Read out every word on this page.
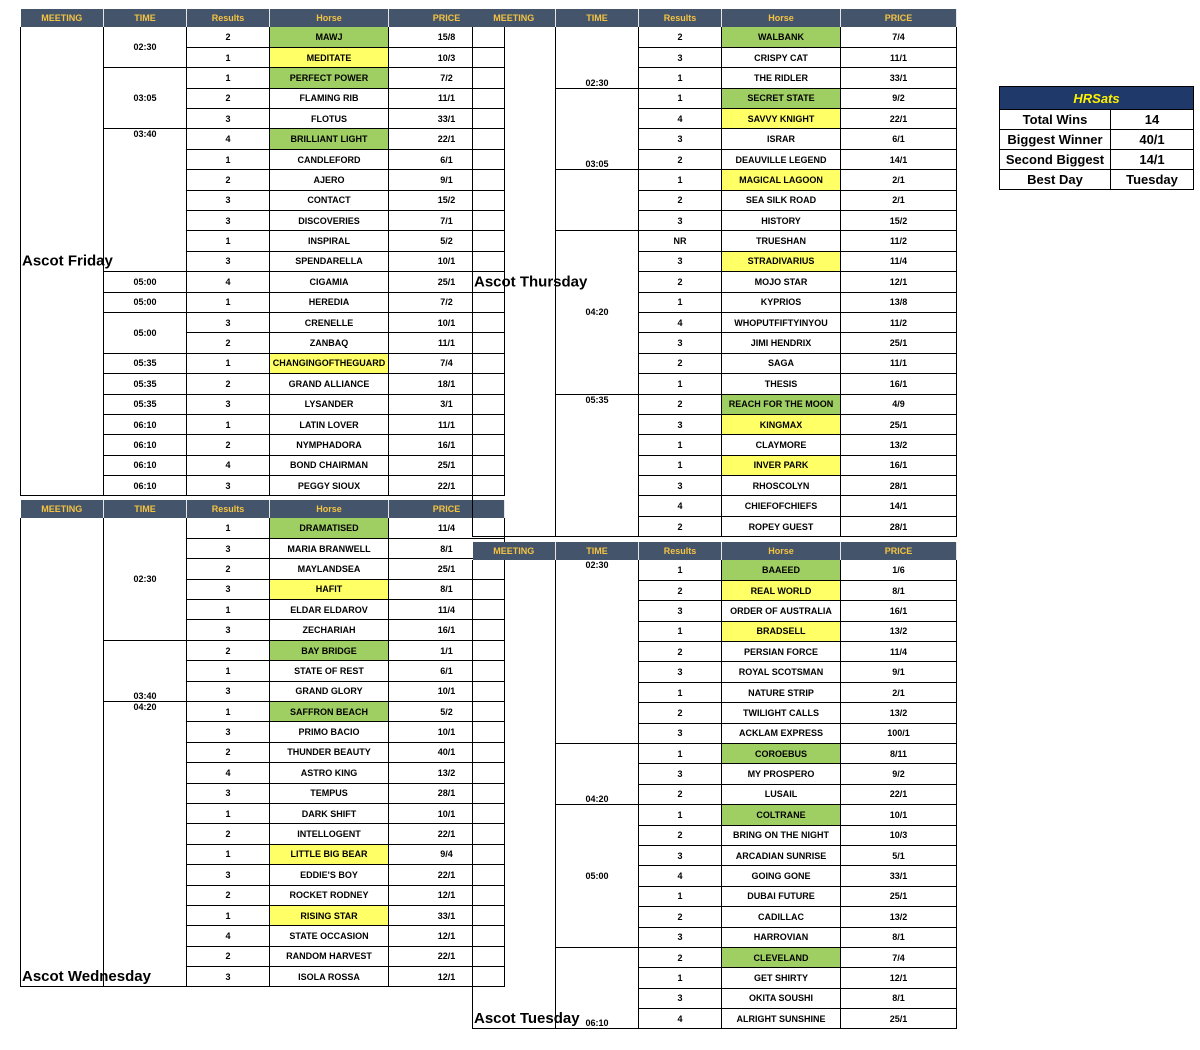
MEETING	TIME	Results	Horse	PRICE

Ascot Friday	02:30	2	MAWJ	15/8
		1	MEDITATE	10/3
	03:05	1	PERFECT POWER	7/2
		2	FLAMING RIB	11/1
		3	FLOTUS	33/1
	03:40	4	BRILLIANT LIGHT	22/1
		1	CANDLEFORD	6/1
		2	AJERO	9/1
		3	CONTACT	15/2
		3	DISCOVERIES	7/1
		1	INSPIRAL	5/2
		3	SPENDARELLA	10/1
	05:00	4	CIGAMIA	25/1
	05:00	1	HEREDIA	7/2
	05:00	3	CRENELLE	10/1
		2	ZANBAQ	11/1
	05:35	1	CHANGINGOFTHEGUARD	7/4
	05:35	2	GRAND ALLIANCE	18/1
	05:35	3	LYSANDER	3/1
	06:10	1	LATIN LOVER	11/1
	06:10	2	NYMPHADORA	16/1
	06:10	4	BOND CHAIRMAN	25/1
	06:10	3	PEGGY SIOUX	22/1
MEETING	TIME	Results	Horse	PRICE

Ascot Wednesday	02:30	1	DRAMATISED	11/4
		3	MARIA BRANWELL	8/1
		2	MAYLANDSEA	25/1
		3	HAFIT	8/1
		1	ELDAR ELDAROV	11/4
		3	ZECHARIAH	16/1
	03:40	2	BAY BRIDGE	1/1
		1	STATE OF REST	6/1
		3	GRAND GLORY	10/1
	04:20	1	SAFFRON BEACH	5/2
		3	PRIMO BACIO	10/1
		2	THUNDER BEAUTY	40/1
		4	ASTRO KING	13/2
		3	TEMPUS	28/1
		1	DARK SHIFT	10/1
		2	INTELLOGENT	22/1
		1	LITTLE BIG BEAR	9/4
		3	EDDIE'S BOY	22/1
		2	ROCKET RODNEY	12/1
		1	RISING STAR	33/1
		4	STATE OCCASION	12/1
		2	RANDOM HARVEST	22/1
		3	ISOLA ROSSA	12/1
MEETING	TIME	Results	Horse	PRICE

Ascot Thursday	02:30	2	WALBANK	7/4
		3	CRISPY CAT	11/1
		1	THE RIDLER	33/1
	03:05	1	SECRET STATE	9/2
		4	SAVVY KNIGHT	22/1
		3	ISRAR	6/1
		2	DEAUVILLE LEGEND	14/1
		1	MAGICAL LAGOON	2/1
		2	SEA SILK ROAD	2/1
		3	HISTORY	15/2
	04:20	NR	TRUESHAN	11/2
		3	STRADIVARIUS	11/4
		2	MOJO STAR	12/1
		1	KYPRIOS	13/8
		4	WHOPUTFIFTYINYOU	11/2
		3	JIMI HENDRIX	25/1
		2	SAGA	11/1
		1	THESIS	16/1
	05:35	2	REACH FOR THE MOON	4/9
		3	KINGMAX	25/1
		1	CLAYMORE	13/2
		1	INVER PARK	16/1
		3	RHOSCOLYN	28/1
		4	CHIEFOFCHIEFS	14/1
		2	ROPEY GUEST	28/1
MEETING	TIME	Results	Horse	PRICE

Ascot Tuesday	02:30	1	BAAEED	1/6
		2	REAL WORLD	8/1
		3	ORDER OF AUSTRALIA	16/1
		1	BRADSELL	13/2
		2	PERSIAN FORCE	11/4
		3	ROYAL SCOTSMAN	9/1
		1	NATURE STRIP	2/1
		2	TWILIGHT CALLS	13/2
		3	ACKLAM EXPRESS	100/1
	04:20	1	COROEBUS	8/11
		3	MY PROSPERO	9/2
		2	LUSAIL	22/1
	05:00	1	COLTRANE	10/1
		2	BRING ON THE NIGHT	10/3
		3	ARCADIAN SUNRISE	5/1
		4	GOING GONE	33/1
		1	DUBAI FUTURE	25/1
		2	CADILLAC	13/2
		3	HARROVIAN	8/1
	06:10	2	CLEVELAND	7/4
		1	GET SHIRTY	12/1
		3	OKITA SOUSHI	8/1
		4	ALRIGHT SUNSHINE	25/1
HRSats	
Total Wins	14
Biggest Winner	40/1
Second Biggest	14/1
Best Day	Tuesday
